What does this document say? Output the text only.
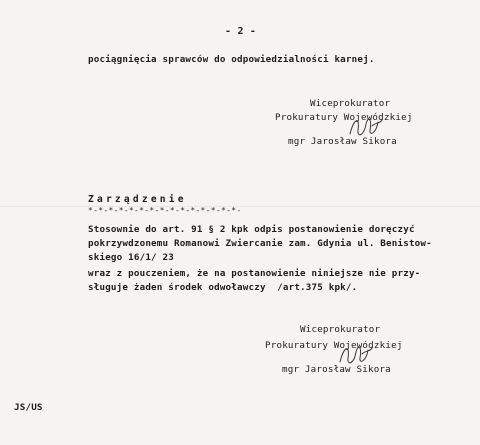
- 2 -
pociągnięcia sprawców do odpowiedzialności karnej.
Wiceprokurator
Prokuratury Wojewódzkiej
mgr Jarosław Sikora
Zarządzenie
*-*-*-*-*-*-*-*-*-*-*-*-*-*-*-
Stosownie do art. 91 § 2 kpk odpis postanowienie doręczyć
pokrzywdzonemu Romanowi Zwiercanie zam. Gdynia ul. Benistow-
skiego 16/1/ 23
wraz z pouczeniem, że na postanowienie niniejsze nie przy-
sługuje żaden środek odwoławczy  /art.375 kpk/.
Wiceprokurator
Prokuratury Wojewódzkiej
mgr Jarosław Sikora
JS/US
